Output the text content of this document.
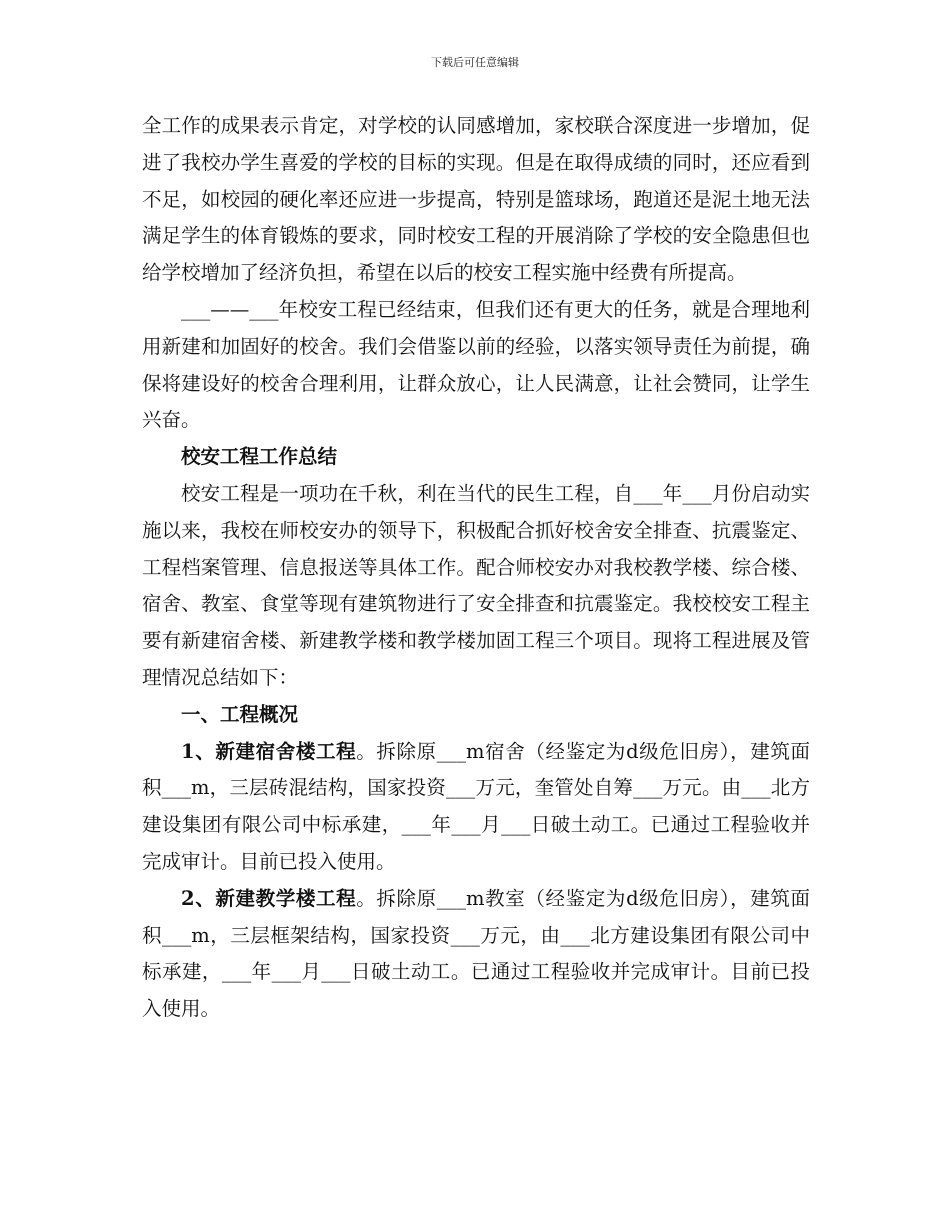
下载后可任意编辑

全工作的成果表示肯定，对学校的认同感增加，家校联合深度进一步增加，促进了我校办学生喜爱的学校的目标的实现。但是在取得成绩的同时，还应看到不足，如校园的硬化率还应进一步提高，特别是篮球场，跑道还是泥土地无法满足学生的体育锻炼的要求，同时校安工程的开展消除了学校的安全隐患但也给学校增加了经济负担，希望在以后的校安工程实施中经费有所提高。

___——___年校安工程已经结束，但我们还有更大的任务，就是合理地利用新建和加固好的校舍。我们会借鉴以前的经验，以落实领导责任为前提，确保将建设好的校舍合理利用，让群众放心，让人民满意，让社会赞同，让学生兴奋。

校安工程工作总结

校安工程是一项功在千秋，利在当代的民生工程，自___年___月份启动实施以来，我校在师校安办的领导下，积极配合抓好校舍安全排查、抗震鉴定、工程档案管理、信息报送等具体工作。配合师校安办对我校教学楼、综合楼、宿舍、教室、食堂等现有建筑物进行了安全排查和抗震鉴定。我校校安工程主要有新建宿舍楼、新建教学楼和教学楼加固工程三个项目。现将工程进展及管理情况总结如下：

一、工程概况

1、新建宿舍楼工程。拆除原___m宿舍（经鉴定为d级危旧房），建筑面积___m，三层砖混结构，国家投资___万元，奎管处自筹___万元。由___北方建设集团有限公司中标承建，___年___月___日破土动工。已通过工程验收并完成审计。目前已投入使用。

2、新建教学楼工程。拆除原___m教室（经鉴定为d级危旧房），建筑面积___m，三层框架结构，国家投资___万元，由___北方建设集团有限公司中标承建，___年___月___日破土动工。已通过工程验收并完成审计。目前已投入使用。
